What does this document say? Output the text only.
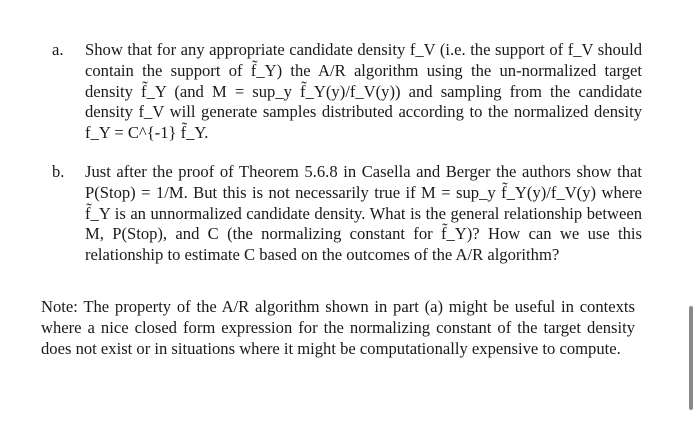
a.	Show that for any appropriate candidate density f_V (i.e. the support of f_V should contain the support of f̃_Y) the A/R algorithm using the un-normalized target density f̃_Y (and M = sup_y f̃_Y(y)/f_V(y)) and sampling from the candidate density f_V will generate samples distributed according to the normalized density f_Y = C^{-1} f̃_Y.
b.	Just after the proof of Theorem 5.6.8 in Casella and Berger the authors show that P(Stop) = 1/M. But this is not necessarily true if M = sup_y f̃_Y(y)/f_V(y) where f̃_Y is an unnormalized candidate density. What is the general relationship between M, P(Stop), and C (the normalizing constant for f̃_Y)? How can we use this relationship to estimate C based on the outcomes of the A/R algorithm?

Note: The property of the A/R algorithm shown in part (a) might be useful in contexts where a nice closed form expression for the normalizing constant of the target density does not exist or in situations where it might be computationally expensive to compute.
